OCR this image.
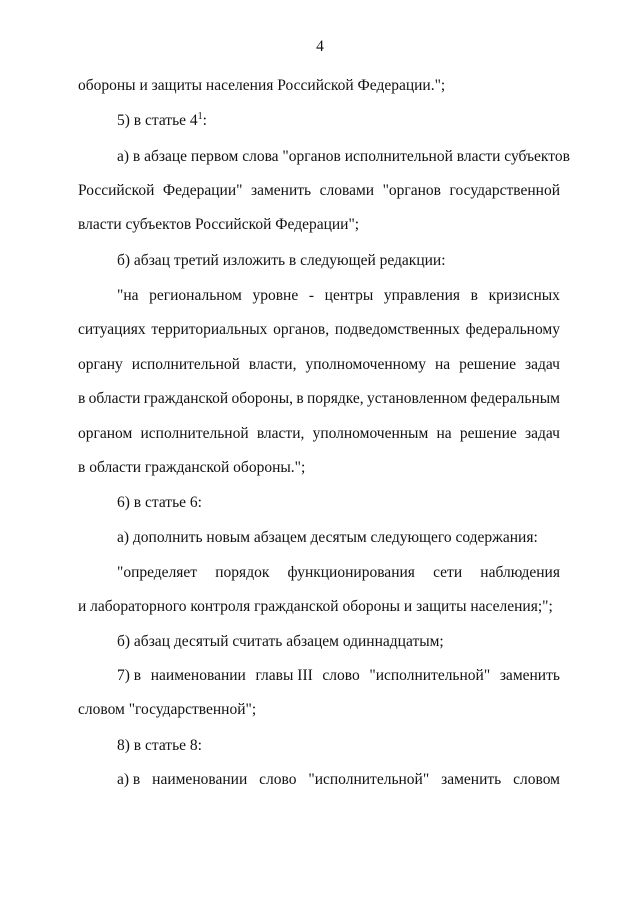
4
обороны и защиты населения Российской Федерации.";
5) в статье $4^1$:
а) в абзаце первом слова "органов исполнительной власти субъектов
Российской Федерации" заменить словами "органов государственной
власти субъектов Российской Федерации";
б) абзац третий изложить в следующей редакции:
"на региональном уровне - центры управления в кризисных
ситуациях территориальных органов, подведомственных федеральному
органу исполнительной власти, уполномоченному на решение задач
в области гражданской обороны, в порядке, установленном федеральным
органом исполнительной власти, уполномоченным на решение задач
в области гражданской обороны.";
6) в статье 6:
а) дополнить новым абзацем десятым следующего содержания:
"определяет порядок функционирования сети наблюдения
и лабораторного контроля гражданской обороны и защиты населения;";
б) абзац десятый считать абзацем одиннадцатым;
7) в наименовании главы III слово "исполнительной" заменить
словом "государственной";
8) в статье 8:
а) в наименовании слово "исполнительной" заменить словом
